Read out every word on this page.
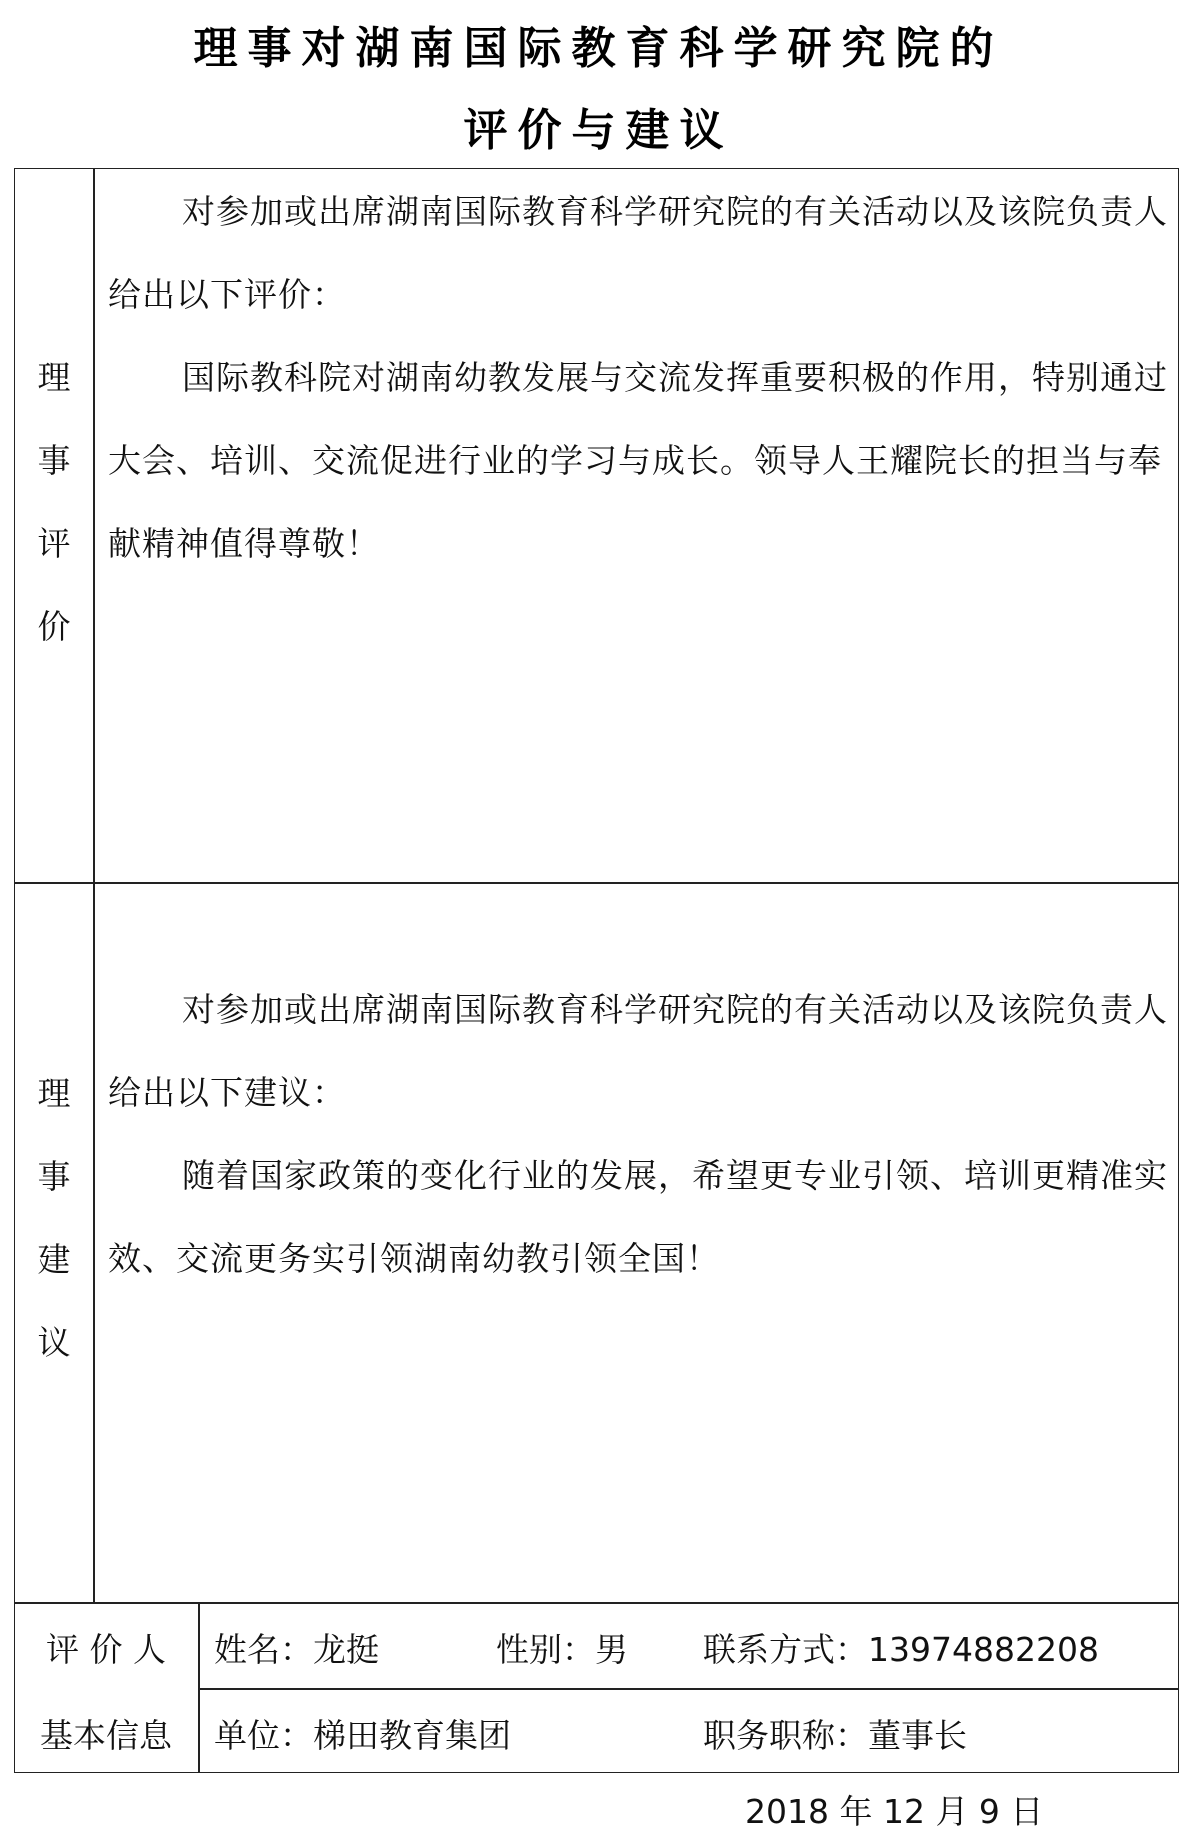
理事对湖南国际教育科学研究院的
评价与建议
理
事
评
价

对参加或出席湖南国际教育科学研究院的有关活动以及该院负责人给出以下评价：

国际教科院对湖南幼教发展与交流发挥重要积极的作用，特别通过大会、培训、交流促进行业的学习与成长。领导人王耀院长的担当与奉献精神值得尊敬！

理
事
建
议

对参加或出席湖南国际教育科学研究院的有关活动以及该院负责人给出以下建议：

随着国家政策的变化行业的发展，希望更专业引领、培训更精准实效、交流更务实引领湖南幼教引领全国！

评 价 人
基本信息
姓名：龙挺	性别：男 联系方式：13974882208
单位：梯田教育集团	职务职称：董事长
2018 年 12 月 9 日
